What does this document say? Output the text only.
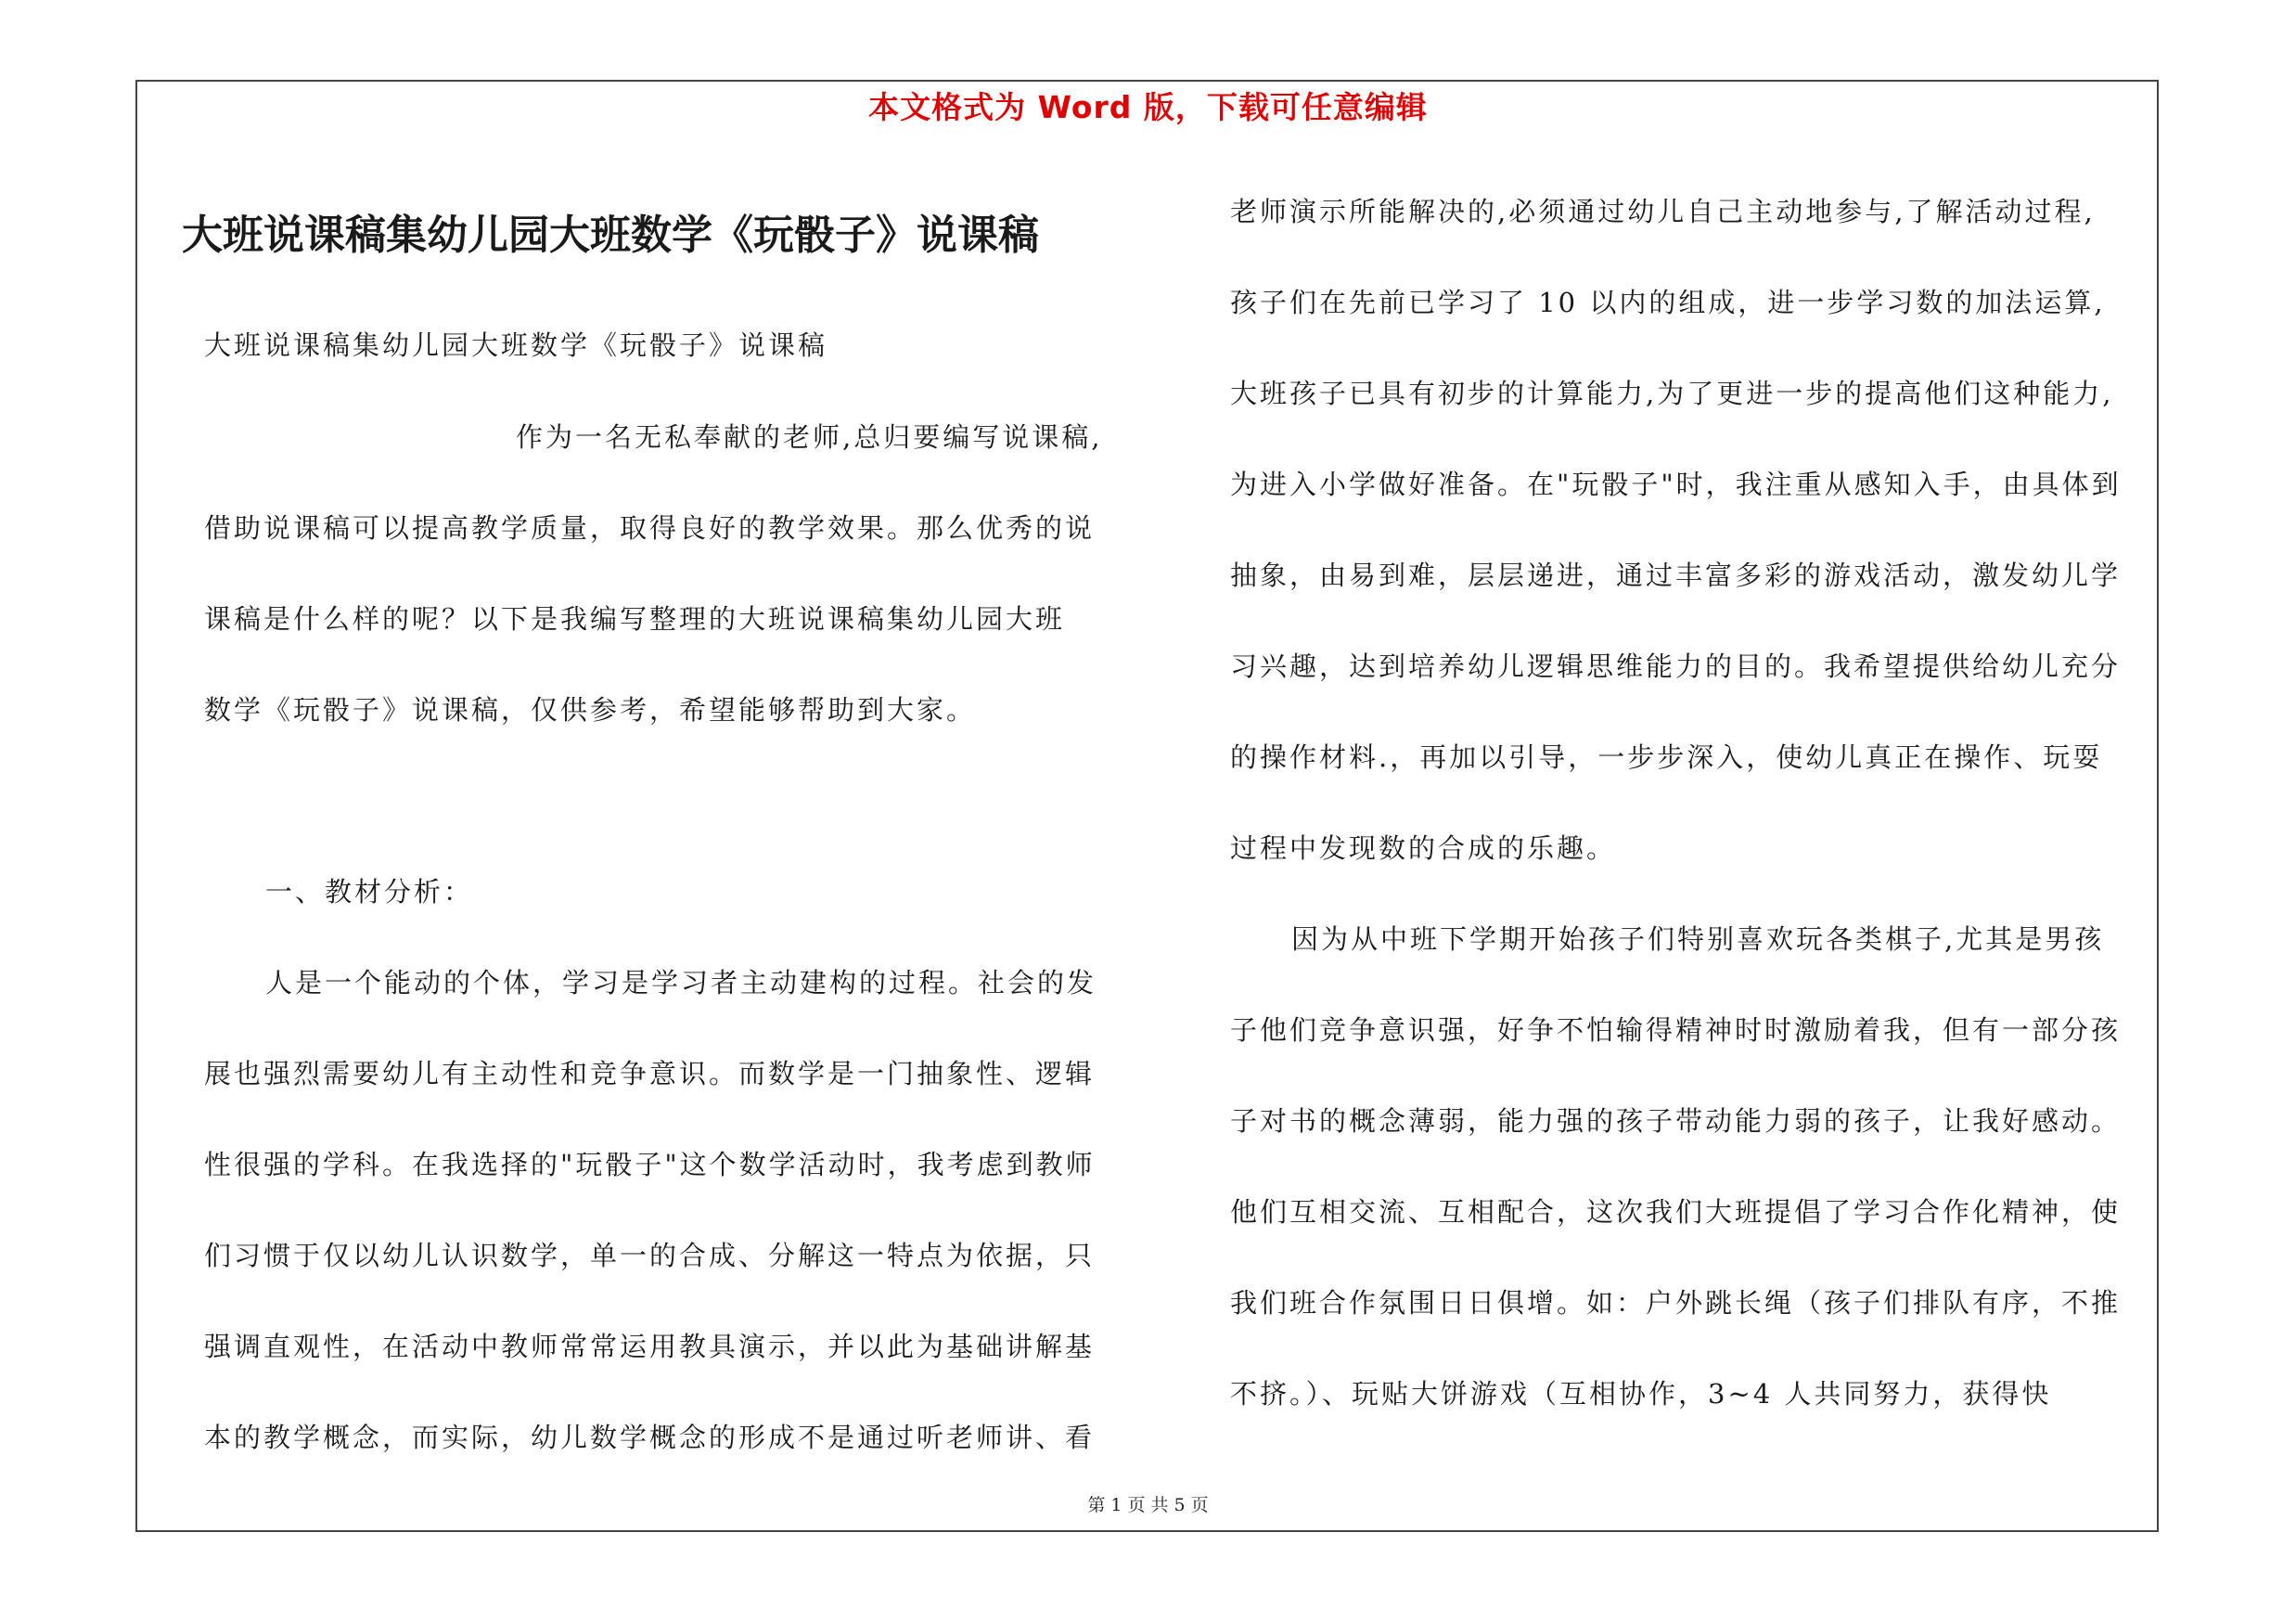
本文格式为 Word 版，下载可任意编辑
大班说课稿集幼儿园大班数学《玩骰子》说课稿
大班说课稿集幼儿园大班数学《玩骰子》说课稿
作为一名无私奉献的老师,总归要编写说课稿,
借助说课稿可以提高教学质量，取得良好的教学效果。那么优秀的说
课稿是什么样的呢？以下是我编写整理的大班说课稿集幼儿园大班
数学《玩骰子》说课稿，仅供参考，希望能够帮助到大家。
一、教材分析：
人是一个能动的个体，学习是学习者主动建构的过程。社会的发
展也强烈需要幼儿有主动性和竞争意识。而数学是一门抽象性、逻辑
性很强的学科。在我选择的"玩骰子"这个数学活动时，我考虑到教师
们习惯于仅以幼儿认识数学，单一的合成、分解这一特点为依据，只
强调直观性，在活动中教师常常运用教具演示，并以此为基础讲解基
本的教学概念，而实际，幼儿数学概念的形成不是通过听老师讲、看
老师演示所能解决的,必须通过幼儿自己主动地参与,了解活动过程,
孩子们在先前已学习了 10 以内的组成，进一步学习数的加法运算,
大班孩子已具有初步的计算能力,为了更进一步的提高他们这种能力,
为进入小学做好准备。在"玩骰子"时，我注重从感知入手，由具体到
抽象，由易到难，层层递进，通过丰富多彩的游戏活动，激发幼儿学
习兴趣，达到培养幼儿逻辑思维能力的目的。我希望提供给幼儿充分
的操作材料.，再加以引导，一步步深入，使幼儿真正在操作、玩耍
过程中发现数的合成的乐趣。
因为从中班下学期开始孩子们特别喜欢玩各类棋子,尤其是男孩
子他们竞争意识强，好争不怕输得精神时时激励着我，但有一部分孩
子对书的概念薄弱，能力强的孩子带动能力弱的孩子，让我好感动。
他们互相交流、互相配合，这次我们大班提倡了学习合作化精神，使
我们班合作氛围日日俱增。如：户外跳长绳（孩子们排队有序，不推
不挤。）、玩贴大饼游戏（互相协作，3~4 人共同努力，获得快
第 1 页 共 5 页
